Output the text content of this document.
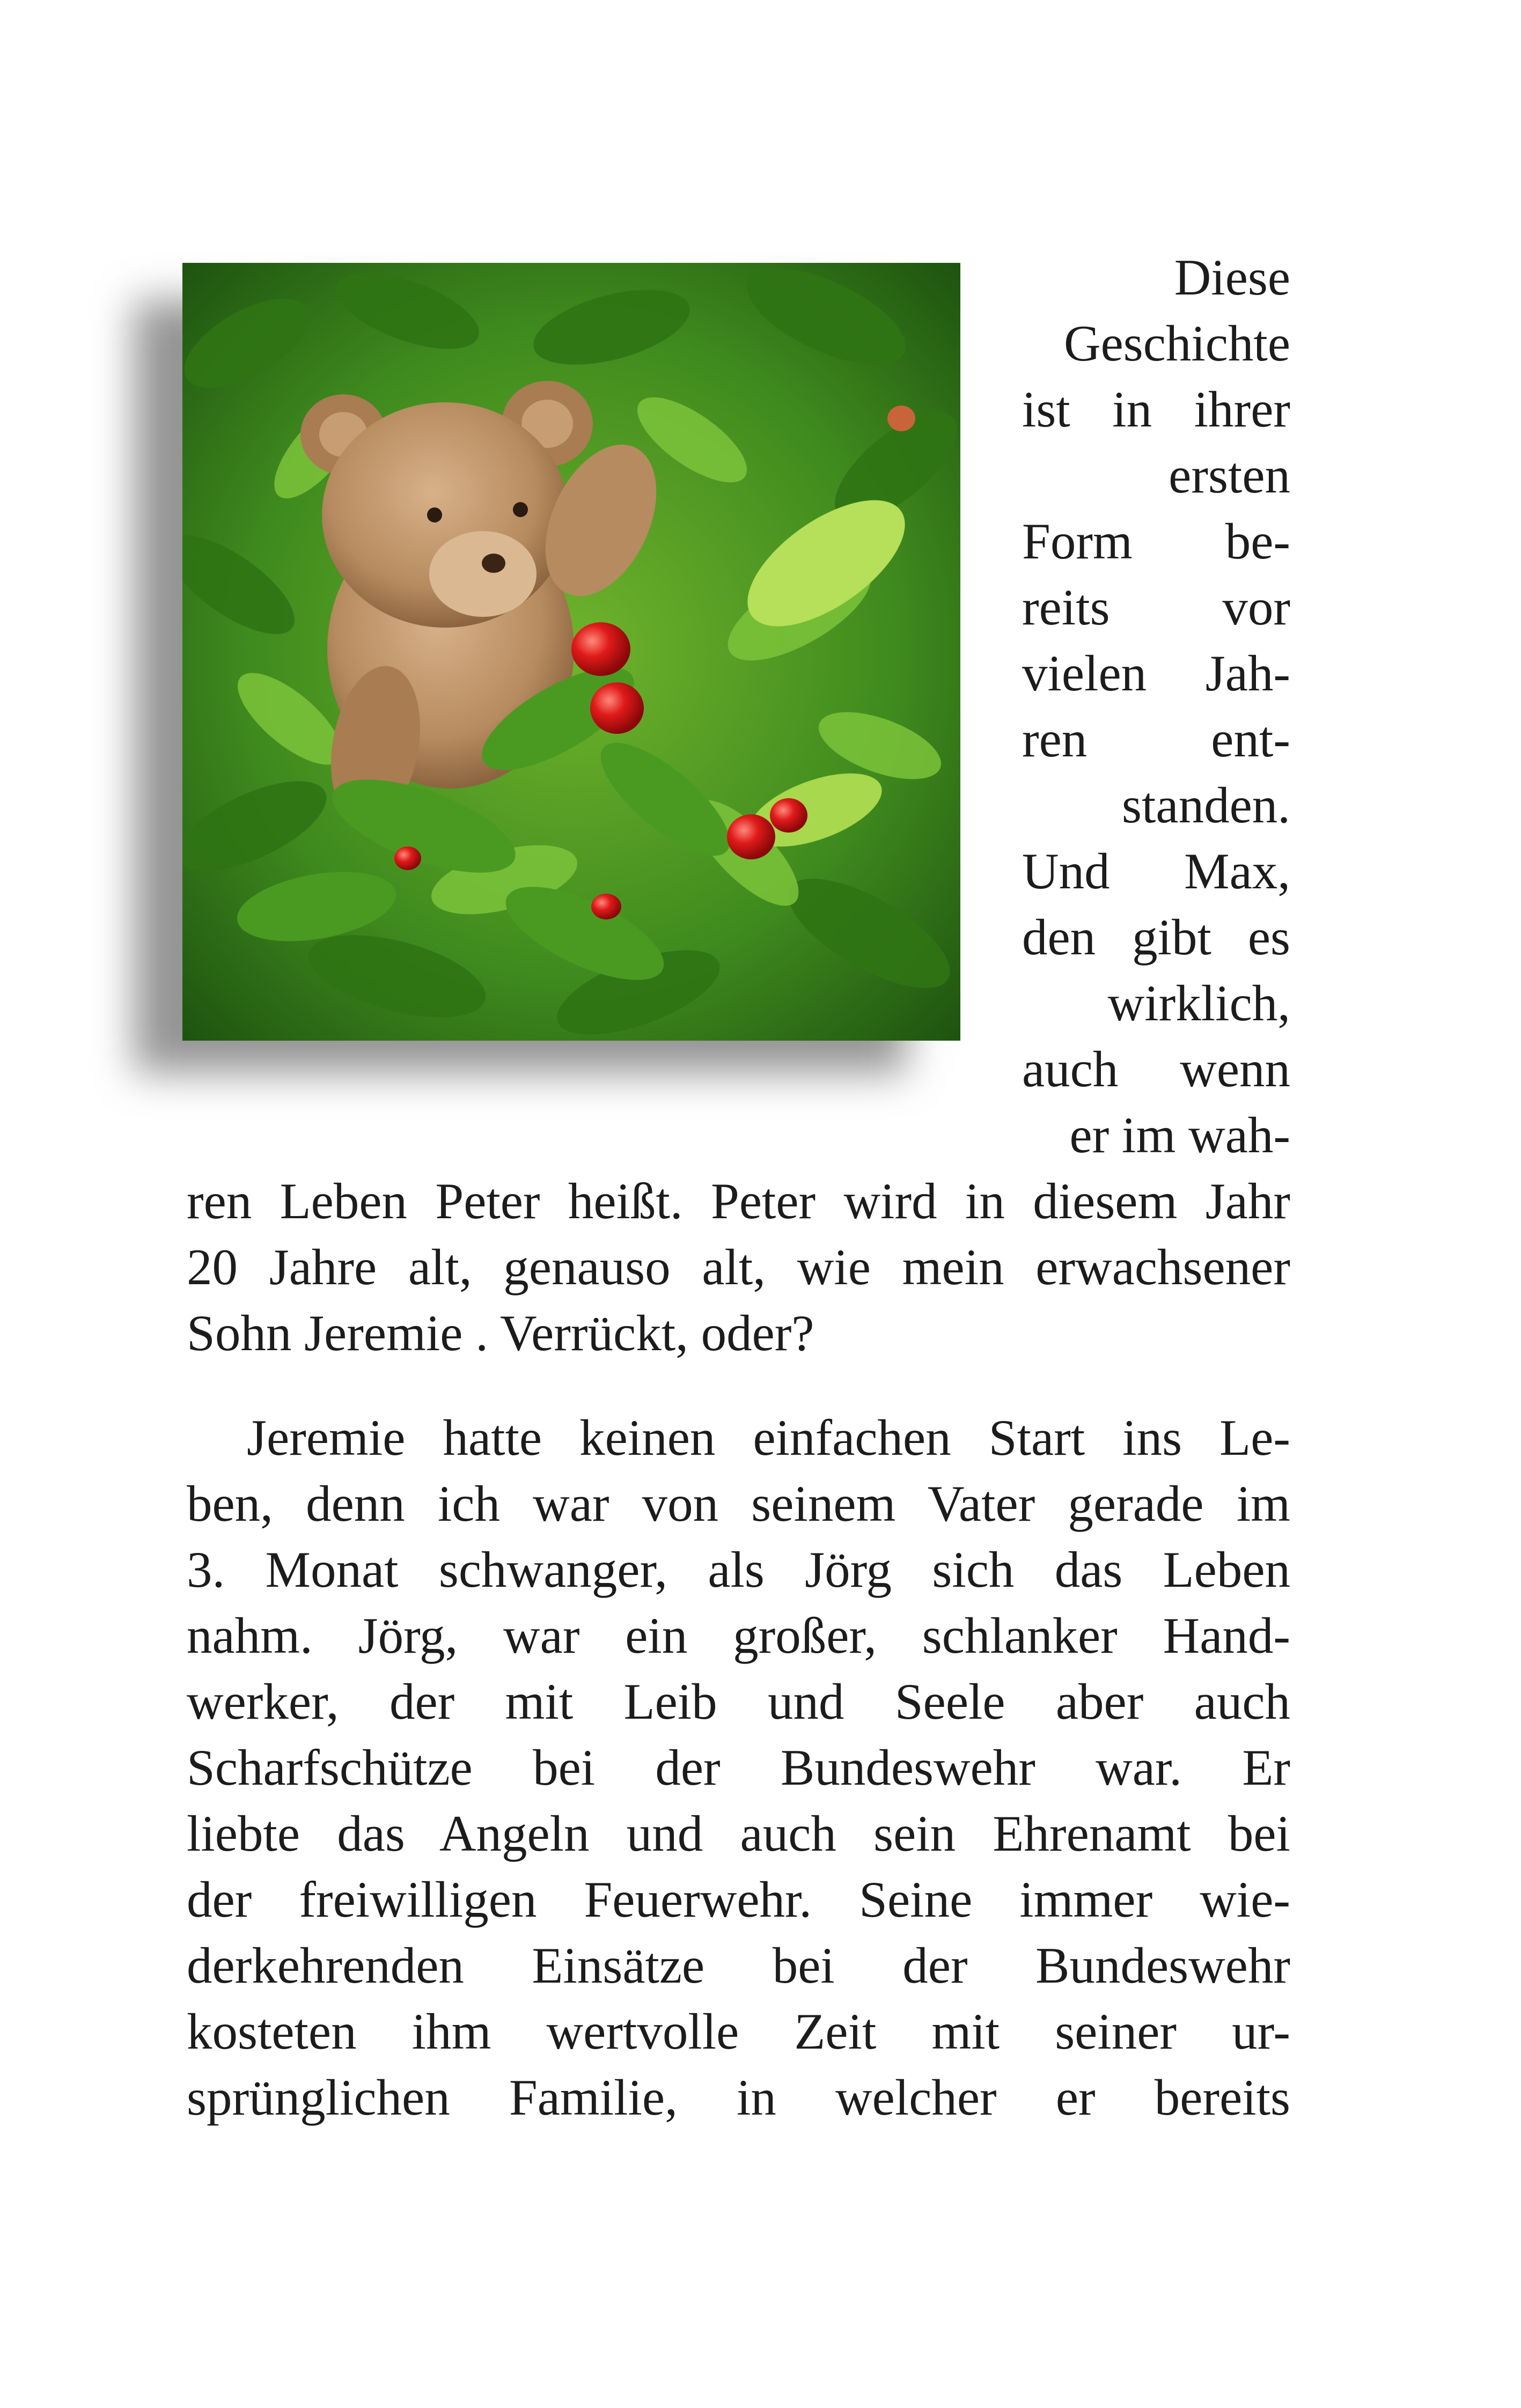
Diese
Geschichte
ist in ihrer
ersten
Form be-
reits vor
vielen Jah-
ren ent-
standen.
Und Max,
den gibt es
wirklich,
auch wenn
er im wah-
ren Leben Peter heißt. Peter wird in diesem Jahr
20 Jahre alt, genauso alt, wie mein erwachsener
Sohn Jeremie . Verrückt, oder?
Jeremie hatte keinen einfachen Start ins Le-
ben, denn ich war von seinem Vater gerade im
3. Monat schwanger, als Jörg sich das Leben
nahm. Jörg, war ein großer, schlanker Hand-
werker, der mit Leib und Seele aber auch
Scharfschütze bei der Bundeswehr war. Er
liebte das Angeln und auch sein Ehrenamt bei
der freiwilligen Feuerwehr. Seine immer wie-
derkehrenden Einsätze bei der Bundeswehr
kosteten ihm wertvolle Zeit mit seiner ur-
sprünglichen Familie, in welcher er bereits
